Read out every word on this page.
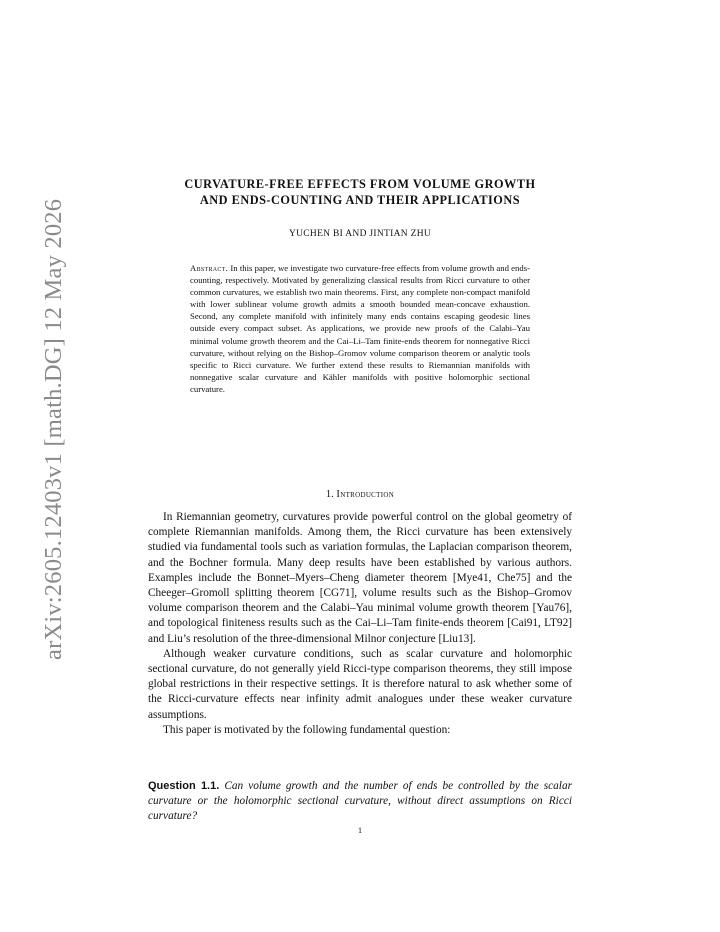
arXiv:2605.12403v1 [math.DG] 12 May 2026
CURVATURE-FREE EFFECTS FROM VOLUME GROWTH
AND ENDS-COUNTING AND THEIR APPLICATIONS
YUCHEN BI AND JINTIAN ZHU
Abstract. In this paper, we investigate two curvature-free effects from volume growth and ends-counting, respectively. Motivated by generalizing classical results from Ricci curvature to other common curvatures, we establish two main theorems. First, any complete non-compact manifold with lower sublinear volume growth admits a smooth bounded mean-concave exhaustion. Second, any complete manifold with infinitely many ends contains escaping geodesic lines outside every compact subset. As applications, we provide new proofs of the Calabi–Yau minimal volume growth theorem and the Cai–Li–Tam finite-ends theorem for nonnegative Ricci curvature, without relying on the Bishop–Gromov volume comparison theorem or analytic tools specific to Ricci curvature. We further extend these results to Riemannian manifolds with nonnegative scalar curvature and Kähler manifolds with positive holomorphic sectional curvature.
1. Introduction

In Riemannian geometry, curvatures provide powerful control on the global geometry of complete Riemannian manifolds. Among them, the Ricci curvature has been extensively studied via fundamental tools such as variation formulas, the Laplacian comparison theorem, and the Bochner formula. Many deep results have been established by various authors. Examples include the Bonnet–Myers–Cheng diameter theorem [Mye41, Che75] and the Cheeger–Gromoll splitting theorem [CG71], volume results such as the Bishop–Gromov volume comparison theorem and the Calabi–Yau minimal volume growth theorem [Yau76], and topological finiteness results such as the Cai–Li–Tam finite-ends theorem [Cai91, LT92] and Liu’s resolution of the three-dimensional Milnor conjecture [Liu13].

Although weaker curvature conditions, such as scalar curvature and holomorphic sectional curvature, do not generally yield Ricci-type comparison theorems, they still impose global restrictions in their respective settings. It is therefore natural to ask whether some of the Ricci-curvature effects near infinity admit analogues under these weaker curvature assumptions.

This paper is motivated by the following fundamental question:

Question 1.1. Can volume growth and the number of ends be controlled by the scalar curvature or the holomorphic sectional curvature, without direct assumptions on Ricci curvature?
1
